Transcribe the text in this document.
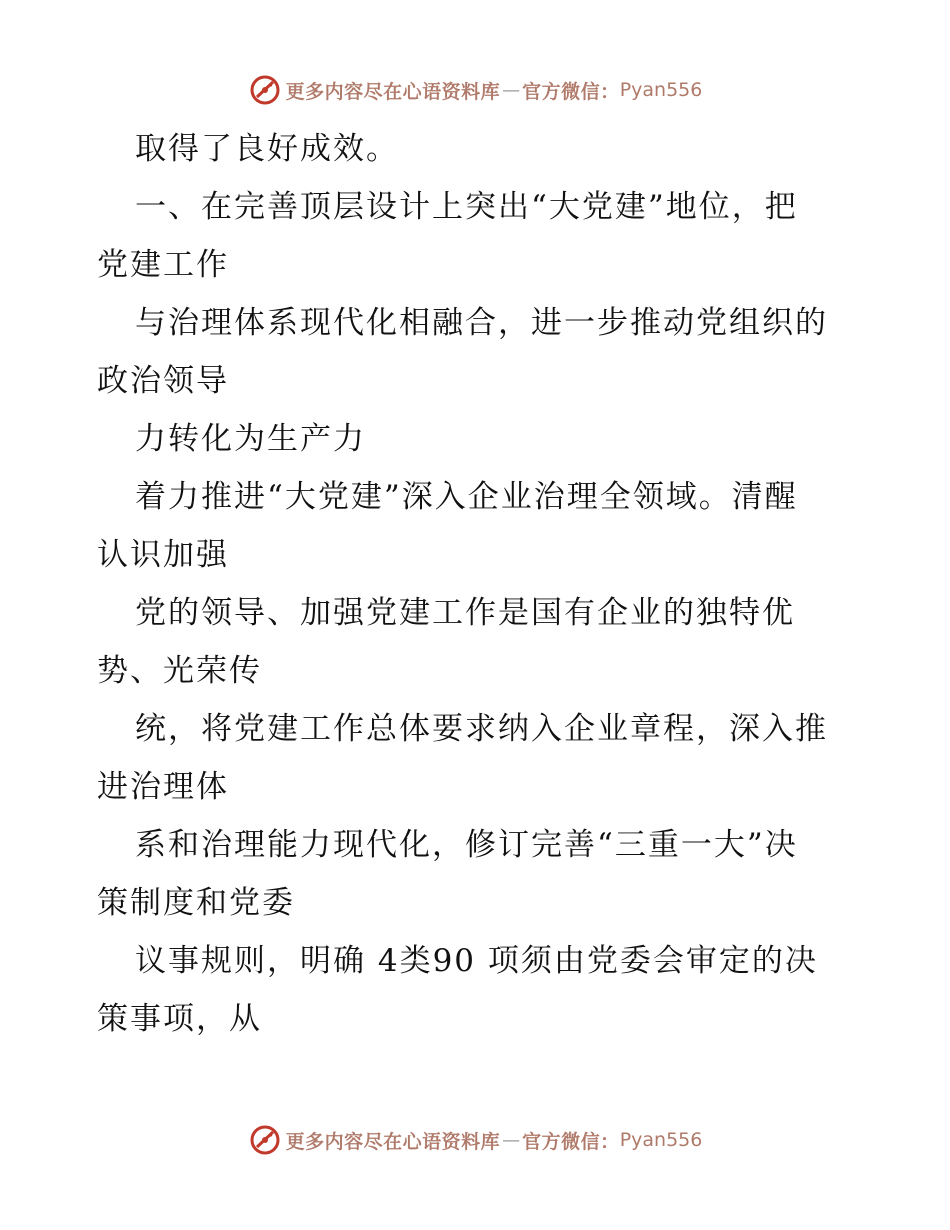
更多内容尽在心语资料库 — 官方微信： Pyan556
取得了良好成效。
一、在完善顶层设计上突出“大党建”地位，把
党建工作
与治理体系现代化相融合，进一步推动党组织的
政治领导
力转化为生产力
着力推进“大党建”深入企业治理全领域。清醒
认识加强
党的领导、加强党建工作是国有企业的独特优
势、光荣传
统，将党建工作总体要求纳入企业章程，深入推
进治理体
系和治理能力现代化，修订完善“三重一大”决
策制度和党委
议事规则，明确 4类90 项须由党委会审定的决
策事项，从
更多内容尽在心语资料库 — 官方微信： Pyan556
